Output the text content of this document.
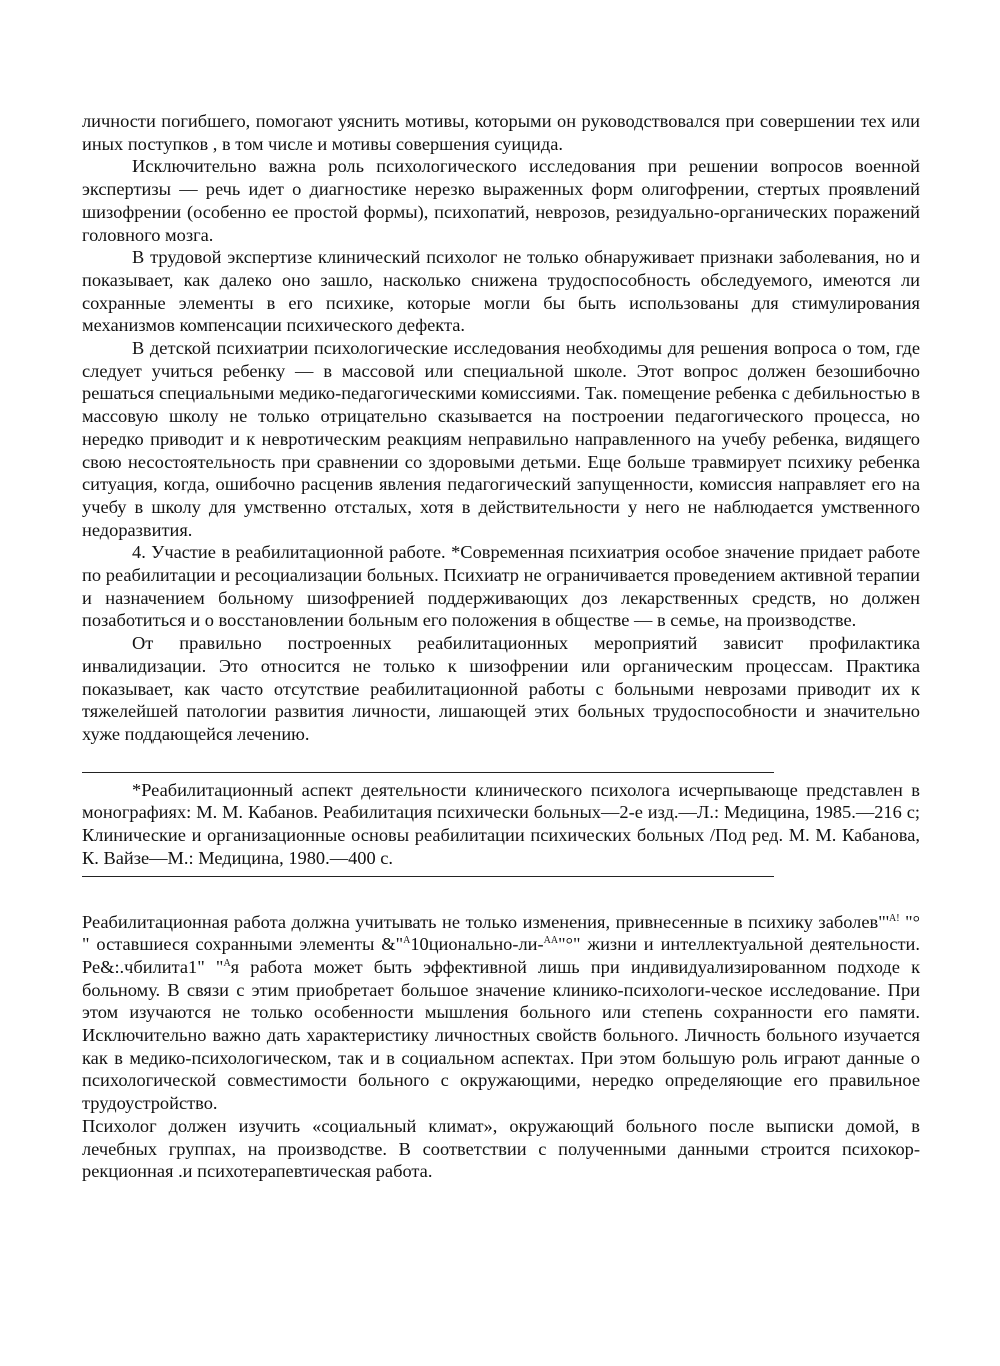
личности погибшего, помогают уяснить мотивы, которыми он руководствовался при совершении тех или иных поступков , в том числе и мотивы совершения суицида.

Исключительно важна роль психологического исследования при решении вопросов военной экспертизы — речь идет о диагностике нерезко выраженных форм олигофрении, стертых проявлений шизофрении (особенно ее простой формы), психопатий, неврозов, резидуально-органических поражений головного мозга.

В трудовой экспертизе клинический психолог не только обнаруживает признаки заболевания, но и показывает, как далеко оно зашло, насколько снижена трудоспособность обследуемого, имеются ли сохранные элементы в его психике, которые могли бы быть использованы для стимулирования механизмов компенсации психического дефекта.

В детской психиатрии психологические исследования необходимы для решения вопроса о том, где следует учиться ребенку — в массовой или специальной школе. Этот вопрос должен безошибочно решаться специальными медико-педагогическими комиссиями. Так. помещение ребенка с дебильностью в массовую школу не только отрицательно сказывается на построении педагогического процесса, но нередко приводит и к невротическим реакциям неправильно направленного на учебу ребенка, видящего свою несостоятельность при сравнении со здоровыми детьми. Еще больше травмирует психику ребенка ситуация, когда, ошибочно расценив явления педагогический запущенности, комиссия направляет его на учебу в школу для умственно отсталых, хотя в действительности у него не наблюдается умственного недоразвития.

4. Участие в реабилитационной работе. *Современная психиатрия особое значение придает работе по реабилитации и ресоциализации больных. Психиатр не ограничивается проведением активной терапии и назначением больному шизофренией поддерживающих доз лекарственных средств, но должен позаботиться и о восстановлении больным его положения в обществе — в семье, на производстве.

От правильно построенных реабилитационных мероприятий зависит профилактика инвалидизации. Это относится не только к шизофрении или органическим процессам. Практика показывает, как часто отсутствие реабилитационной работы с больными неврозами приводит их к тяжелейшей патологии развития личности, лишающей этих больных трудоспособности и значительно хуже поддающейся лечению.

*Реабилитационный аспект деятельности клинического психолога исчерпывающе представлен в монографиях: М. М. Кабанов. Реабилитация психически больных—2-е изд.—Л.: Медицина, 1985.—216 с; Клинические и организационные основы реабилитации психических больных /Под ред. М. М. Кабанова, К. Вайзе—М.: Медицина, 1980.—400 с.

Реабилитационная работа должна учитывать не только изменения, привнесенные в психику $заболев"'^{A!}$ "° " оставшиеся сохранными элементы &"$^A$10ционально-ли-$^{AA}$"°" жизни и интеллектуальной деятельности. Ре&:.чбилита1" "$^A$я работа может быть эффективной лишь при индивидуализированном подходе к больному. В связи с этим приобретает большое значение клинико-психологи-ческое исследование. При этом изучаются не только особенности мышления больного или степень сохранности его памяти. Исключительно важно дать характеристику личностных свойств больного. Личность больного изучается как в медико-психологическом, так и в социальном аспектах. При этом большую роль играют данные о психологической совместимости больного с окружающими, нередко определяющие его правильное трудоустройство.

Психолог должен изучить «социальный климат», окружающий больного после выписки домой, в лечебных группах, на производстве. В соответствии с полученными данными строится психокор-рекционная .и психотерапевтическая работа.
